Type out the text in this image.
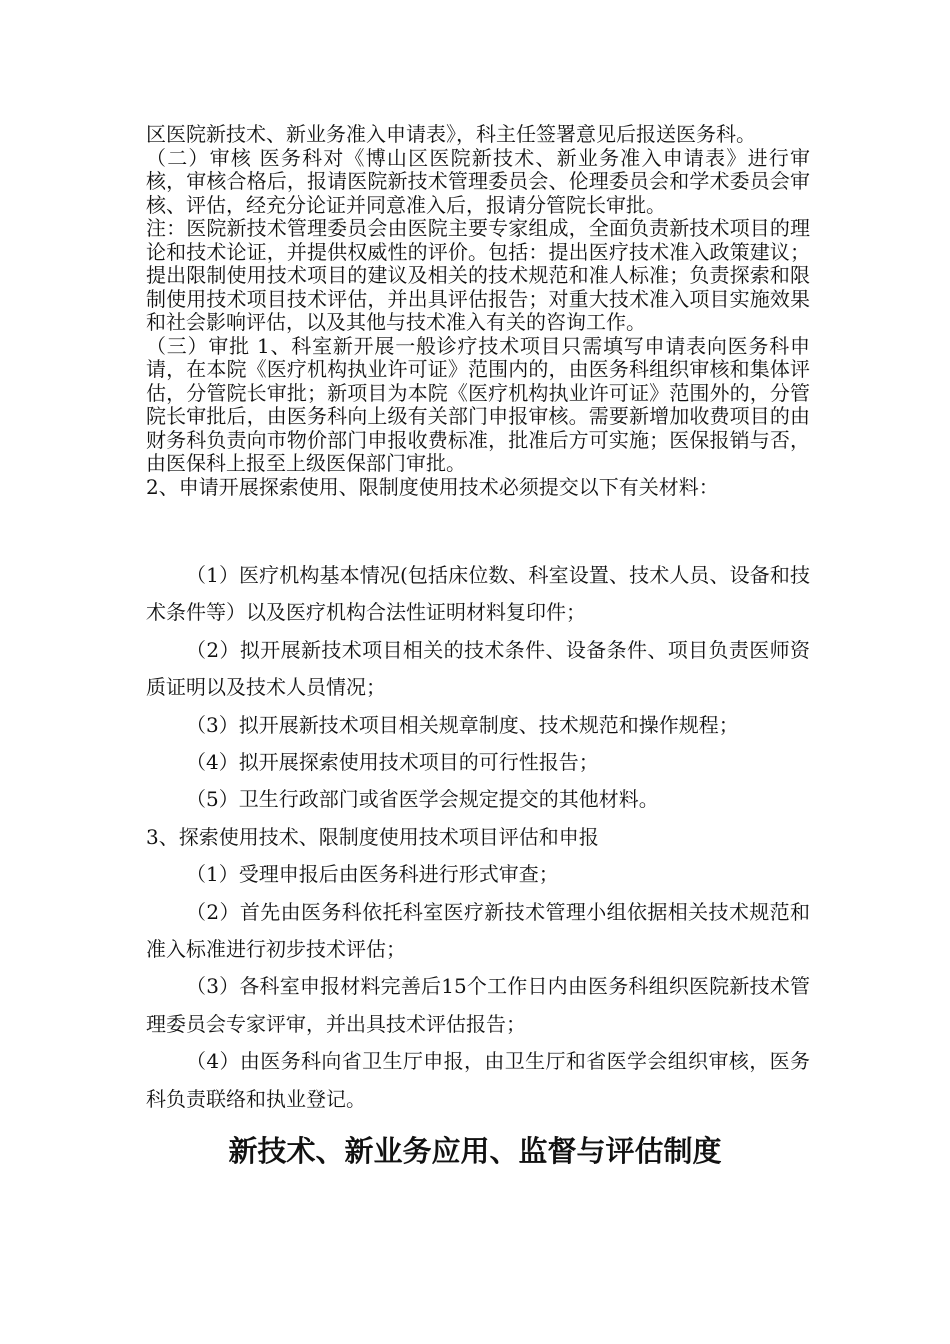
区医院新技术、新业务准入申请表》，科主任签署意见后报送医务科。

（二）审核 医务科对《博山区医院新技术、新业务准入申请表》进行审核，审核合格后，报请医院新技术管理委员会、伦理委员会和学术委员会审核、评估，经充分论证并同意准入后，报请分管院长审批。

注：医院新技术管理委员会由医院主要专家组成，全面负责新技术项目的理论和技术论证，并提供权威性的评价。包括：提出医疗技术准入政策建议；提出限制使用技术项目的建议及相关的技术规范和准人标准；负责探索和限制使用技术项目技术评估，并出具评估报告；对重大技术准入项目实施效果和社会影响评估，以及其他与技术准入有关的咨询工作。

（三）审批 1、科室新开展一般诊疗技术项目只需填写申请表向医务科申请，在本院《医疗机构执业许可证》范围内的，由医务科组织审核和集体评估，分管院长审批；新项目为本院《医疗机构执业许可证》范围外的，分管院长审批后，由医务科向上级有关部门申报审核。需要新增加收费项目的由财务科负责向市物价部门申报收费标准，批准后方可实施；医保报销与否，由医保科上报至上级医保部门审批。

2、申请开展探索使用、限制度使用技术必须提交以下有关材料：

（1）医疗机构基本情况(包括床位数、科室设置、技术人员、设备和技术条件等）以及医疗机构合法性证明材料复印件；

（2）拟开展新技术项目相关的技术条件、设备条件、项目负责医师资质证明以及技术人员情况；

（3）拟开展新技术项目相关规章制度、技术规范和操作规程；

（4）拟开展探索使用技术项目的可行性报告；

（5）卫生行政部门或省医学会规定提交的其他材料。

3、探索使用技术、限制度使用技术项目评估和申报

（1）受理申报后由医务科进行形式审查；

（2）首先由医务科依托科室医疗新技术管理小组依据相关技术规范和准入标准进行初步技术评估；

（3）各科室申报材料完善后15个工作日内由医务科组织医院新技术管理委员会专家评审，并出具技术评估报告；

（4）由医务科向省卫生厅申报，由卫生厅和省医学会组织审核，医务科负责联络和执业登记。

新技术、新业务应用、监督与评估制度
